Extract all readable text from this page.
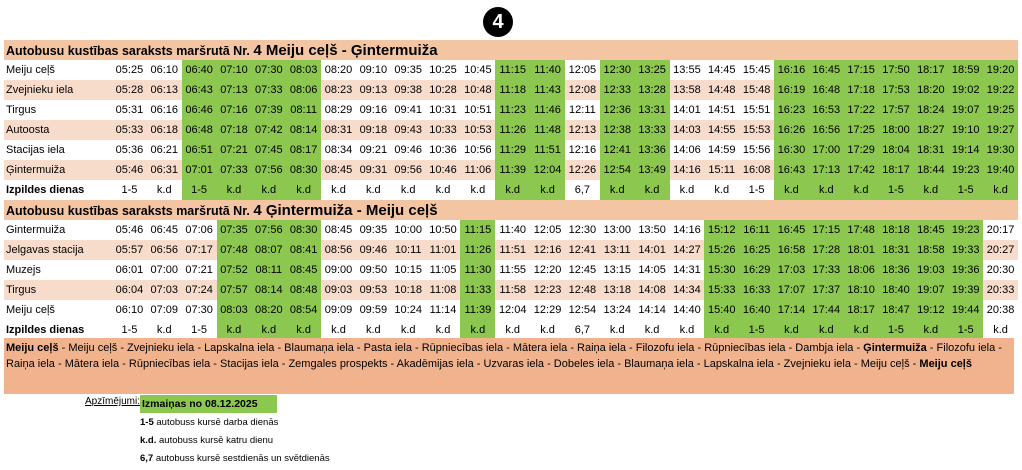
4
Autobusu kustības saraksts maršrutā Nr. 4 Meiju ceļš - Ģintermuiža																										
Meiju ceļš	05:25	06:10	06:40	07:10	07:30	08:03	08:20	09:10	09:35	10:25	10:45	11:15	11:40	12:05	12:30	13:25	13:55	14:45	15:45	16:16	16:45	17:15	17:50	18:17	18:59	19:20
Zvejnieku iela	05:28	06:13	06:43	07:13	07:33	08:06	08:23	09:13	09:38	10:28	10:48	11:18	11:43	12:08	12:33	13:28	13:58	14:48	15:48	16:19	16:48	17:18	17:53	18:20	19:02	19:22
Tirgus	05:31	06:16	06:46	07:16	07:39	08:11	08:29	09:16	09:41	10:31	10:51	11:23	11:46	12:11	12:36	13:31	14:01	14:51	15:51	16:23	16:53	17:22	17:57	18:24	19:07	19:25
Autoosta	05:33	06:18	06:48	07:18	07:42	08:14	08:31	09:18	09:43	10:33	10:53	11:26	11:48	12:13	12:38	13:33	14:03	14:55	15:53	16:26	16:56	17:25	18:00	18:27	19:10	19:27
Stacijas iela	05:36	06:21	06:51	07:21	07:45	08:17	08:34	09:21	09:46	10:36	10:56	11:29	11:51	12:16	12:41	13:36	14:06	14:59	15:56	16:30	17:00	17:29	18:04	18:31	19:14	19:30
Ģintermuiža	05:46	06:31	07:01	07:33	07:56	08:30	08:45	09:31	09:56	10:46	11:06	11:39	12:04	12:26	12:54	13:49	14:16	15:11	16:08	16:43	17:13	17:42	18:17	18:44	19:23	19:40
Izpildes dienas	1-5	k.d	1-5	k.d	k.d	k.d	k.d	k.d	k.d	k.d	k.d	k.d	k.d	6,7	k.d	k.d	k.d	k.d	1-5	k.d	k.d	k.d	1-5	k.d	1-5	k.d
Autobusu kustības saraksts maršrutā Nr. 4 Ģintermuiža - Meiju ceļš																										
Gintermuiža	05:46	06:45	07:06	07:35	07:56	08:30	08:45	09:35	10:00	10:50	11:15	11:40	12:05	12:30	13:00	13:50	14:16	15:12	16:11	16:45	17:15	17:48	18:18	18:45	19:23	20:17
Jelgavas stacija	05:57	06:56	07:17	07:48	08:07	08:41	08:56	09:46	10:11	11:01	11:26	11:51	12:16	12:41	13:11	14:01	14:27	15:26	16:25	16:58	17:28	18:01	18:31	18:58	19:33	20:27
Muzejs	06:01	07:00	07:21	07:52	08:11	08:45	09:00	09:50	10:15	11:05	11:30	11:55	12:20	12:45	13:15	14:05	14:31	15:30	16:29	17:03	17:33	18:06	18:36	19:03	19:36	20:30
Tirgus	06:04	07:03	07:24	07:57	08:14	08:48	09:03	09:53	10:18	11:08	11:33	11:58	12:23	12:48	13:18	14:08	14:34	15:33	16:33	17:07	17:37	18:10	18:40	19:07	19:39	20:33
Meiju ceļš	06:10	07:09	07:30	08:03	08:20	08:54	09:09	09:59	10:24	11:14	11:39	12:04	12:29	12:54	13:24	14:14	14:40	15:40	16:40	17:14	17:44	18:17	18:47	19:12	19:44	20:38
Izpildes dienas	1-5	k.d	1-5	k.d	k.d	k.d	k.d	k.d	k.d	k.d	k.d	k.d	k.d	6,7	k.d	k.d	k.d	k.d	1-5	k.d	k.d	k.d	1-5	k.d	1-5	k.d
Meiju ceļš - Meiju ceļš - Zvejnieku iela - Lapskalna iela - Blaumaņa iela - Pasta iela - Rūpniecības iela - Mātera iela - Raiņa iela - Filozofu iela - Rūpniecības iela - Dambja iela - Ģintermuiža - Filozofu iela - Raiņa iela - Mātera iela - Rūpniecības iela - Stacijas iela - Zemgales prospekts - Akadēmijas iela - Uzvaras iela - Dobeles iela - Blaumaņa iela - Lapskalna iela - Zvejnieku iela - Meiju ceļš - Meiju ceļš
Apzīmējumi: Izmaiņas no 08.12.2025
1-5 autobuss kursē darba dienās
k.d. autobuss kursē katru dienu
6,7 autobuss kursē sestdienās un svētdienās
